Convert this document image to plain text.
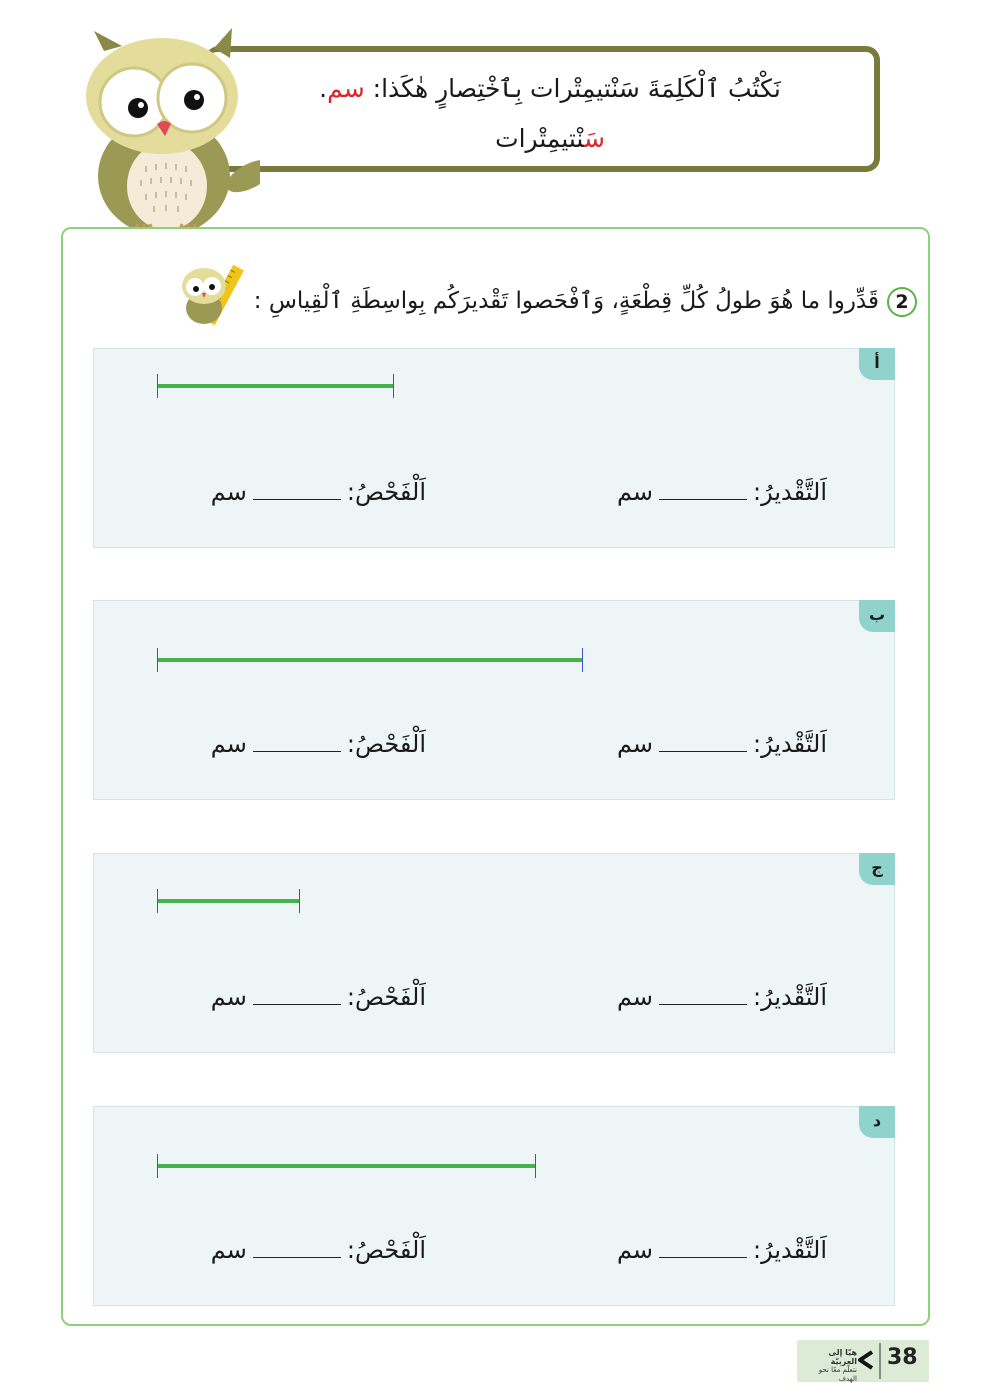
نَكْتُبُ ٱلْكَلِمَةَ سَنْتيمِتْرات بِٱخْتِصارٍ هٰكَذا: سم.
سَنْتيمِتْرات
2قَدِّروا ما هُوَ طولُ كُلِّ قِطْعَةٍ، وَٱفْحَصوا تَقْديرَكُم بِواسِطَةِ ٱلْقِياسِ :
أ
اَلتَّقْديرُ:سم
اَلْفَحْصُ:سم
ب
اَلتَّقْديرُ:سم
اَلْفَحْصُ:سم
ج
اَلتَّقْديرُ:سم
اَلْفَحْصُ:سم
د
اَلتَّقْديرُ:سم
اَلْفَحْصُ:سم
هيّا إلى العربيّة
نتعلّم معًا نحو الهدف
38
